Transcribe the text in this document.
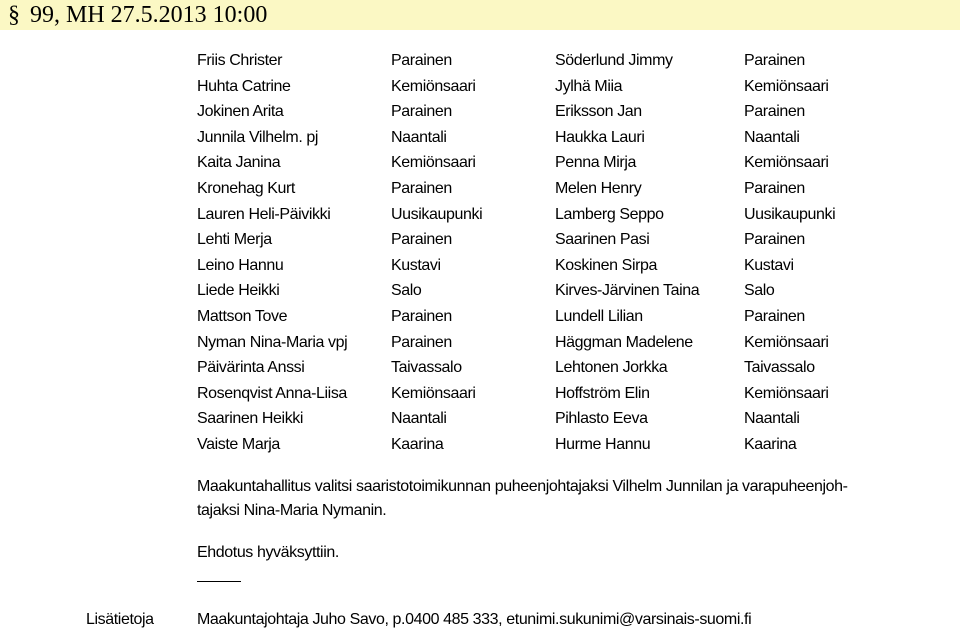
§ 99, MH 27.5.2013 10:00
Friis Christer	Parainen	Söderlund Jimmy	Parainen
Huhta Catrine	Kemiönsaari	Jylhä Miia	Kemiönsaari
Jokinen Arita	Parainen	Eriksson Jan	Parainen
Junnila Vilhelm. pj	Naantali	Haukka Lauri	Naantali
Kaita Janina	Kemiönsaari	Penna Mirja	Kemiönsaari
Kronehag Kurt	Parainen	Melen Henry	Parainen
Lauren Heli-Päivikki	Uusikaupunki	Lamberg Seppo	Uusikaupunki
Lehti Merja	Parainen	Saarinen Pasi	Parainen
Leino Hannu	Kustavi	Koskinen Sirpa	Kustavi
Liede Heikki	Salo	Kirves-Järvinen Taina	Salo
Mattson Tove	Parainen	Lundell Lilian	Parainen
Nyman Nina-Maria vpj	Parainen	Häggman Madelene	Kemiönsaari
Päivärinta Anssi	Taivassalo	Lehtonen Jorkka	Taivassalo
Rosenqvist Anna-Liisa	Kemiönsaari	Hoffström Elin	Kemiönsaari
Saarinen Heikki	Naantali	Pihlasto Eeva	Naantali
Vaiste Marja	Kaarina	Hurme Hannu	Kaarina
Maakuntahallitus valitsi saaristotoimikunnan puheenjohtajaksi Vilhelm Junnilan ja varapuheenjoh-
tajaksi Nina-Maria Nymanin.
Ehdotus hyväksyttiin.
Lisätietoja	Maakuntajohtaja Juho Savo, p.0400 485 333, etunimi.sukunimi@varsinais-suomi.fi
